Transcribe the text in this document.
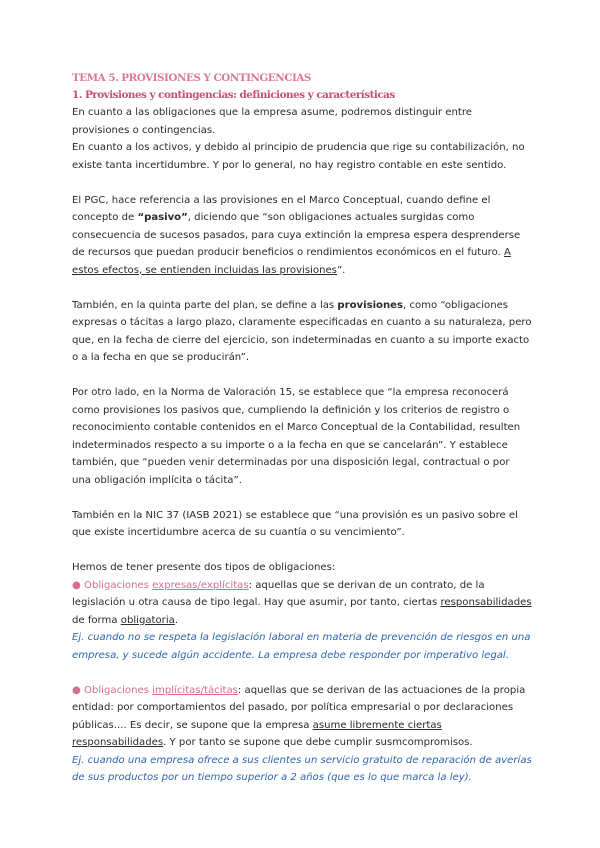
TEMA 5. PROVISIONES Y CONTINGENCIAS
1. Provisiones y contingencias: definiciones y características

En cuanto a las obligaciones que la empresa asume, podremos distinguir entre provisiones o contingencias.

En cuanto a los activos, y debido al principio de prudencia que rige su contabilización, no existe tanta incertidumbre. Y por lo general, no hay registro contable en este sentido.

El PGC, hace referencia a las provisiones en el Marco Conceptual, cuando define el concepto de “pasivo”, diciendo que “son obligaciones actuales surgidas como consecuencia de sucesos pasados, para cuya extinción la empresa espera desprenderse de recursos que puedan producir beneficios o rendimientos económicos en el futuro. A estos efectos, se entienden incluidas las provisiones”.

También, en la quinta parte del plan, se define a las provisiones, como “obligaciones expresas o tácitas a largo plazo, claramente especificadas en cuanto a su naturaleza, pero que, en la fecha de cierre del ejercicio, son indeterminadas en cuanto a su importe exacto o a la fecha en que se producirán”.

Por otro lado, en la Norma de Valoración 15, se establece que “la empresa reconocerá como provisiones los pasivos que, cumpliendo la definición y los criterios de registro o reconocimiento contable contenidos en el Marco Conceptual de la Contabilidad, resulten indeterminados respecto a su importe o a la fecha en que se cancelarán”. Y establece también, que “pueden venir determinadas por una disposición legal, contractual o por
una obligación implícita o tácita”.

También en la NIC 37 (IASB 2021) se establece que “una provisión es un pasivo sobre el que existe incertidumbre acerca de su cuantía o su vencimiento”.

Hemos de tener presente dos tipos de obligaciones:

● Obligaciones expresas/explícitas: aquellas que se derivan de un contrato, de la legislación u otra causa de tipo legal. Hay que asumir, por tanto, ciertas responsabilidades de forma obligatoria.

Ej. cuando no se respeta la legislación laboral en materia de prevención de riesgos en una empresa, y sucede algún accidente. La empresa debe responder por imperativo legal.

● Obligaciones implícitas/tácitas: aquellas que se derivan de las actuaciones de la propia entidad: por comportamientos del pasado, por política empresarial o por declaraciones públicas.... Es decir, se supone que la empresa asume libremente ciertas responsabilidades. Y por tanto se supone que debe cumplir susmcompromisos.

Ej. cuando una empresa ofrece a sus clientes un servicio gratuito de reparación de averías de sus productos por un tiempo superior a 2 años (que es lo que marca la ley).
